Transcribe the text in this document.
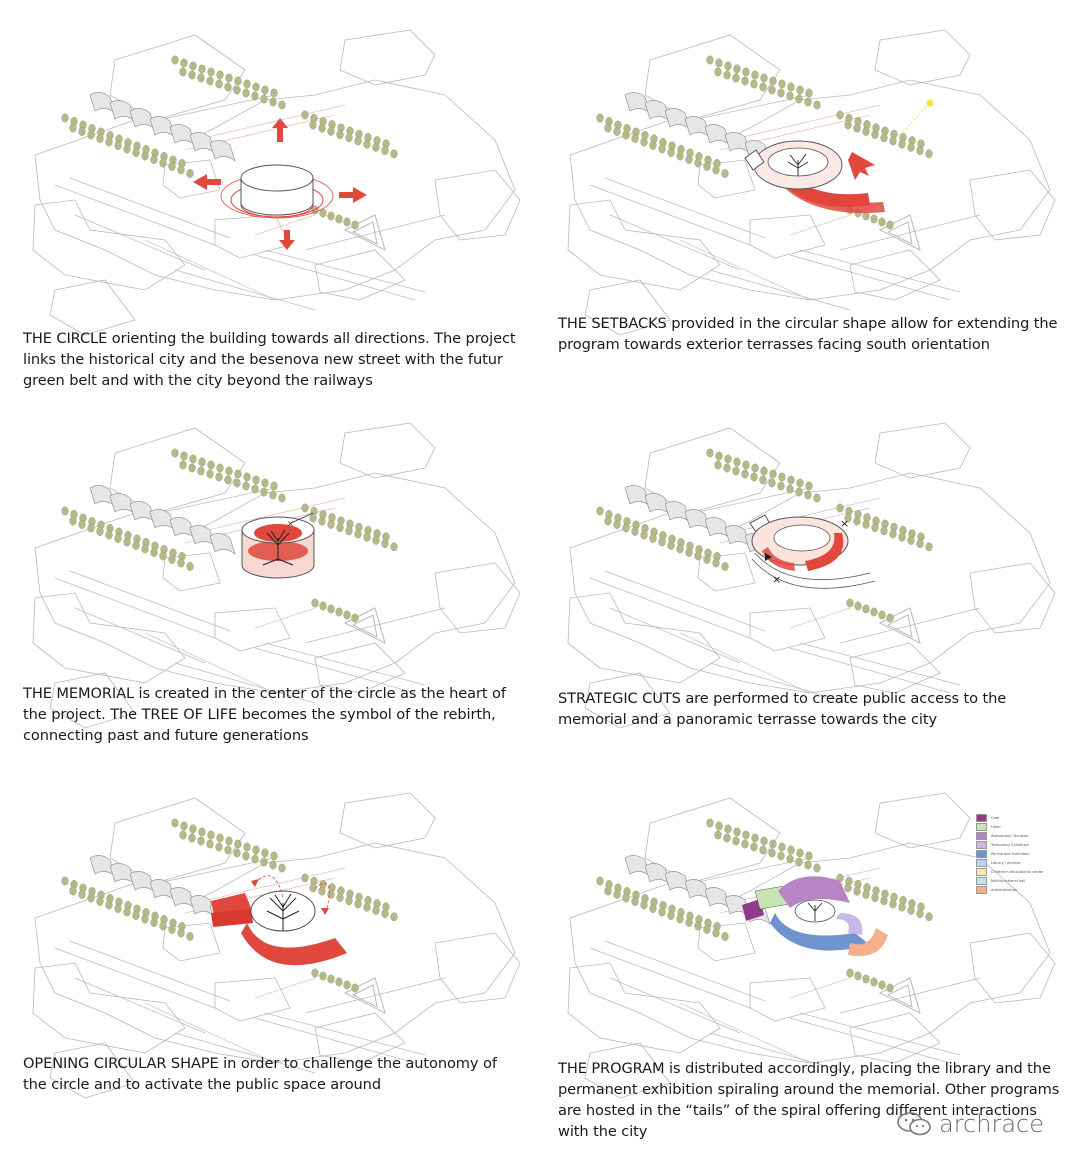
THE CIRCLE orienting the building towards all directions. The project links the historical city and the besenova new street with the futur green belt and with the city beyond the railways
THE SETBACKS provided in the circular shape allow for extending the program towards exterior terrasses facing south orientation
×
THE MEMORIAL is created in the center of the circle as the heart of the project. The TREE OF LIFE becomes the symbol of the rebirth, connecting past and future generations
×
×
STRATEGIC CUTS are performed to create public access to the memorial and a panoramic terrasse towards the city
OPENING CIRCULAR SHAPE in order to challenge the autonomy of the circle and to activate the public space around
Cafe
Hotel
Restaurant/ Terrasse
Temporary Exhibition
Permanent Exhibition
Library / Archive
Children's educational center
Multifunctional hall
Administration
THE PROGRAM is distributed accordingly, placing the library and the permanent exhibition spiraling around the memorial. Other programs are hosted in the “tails” of the spiral offering different interactions with the city	archrace
